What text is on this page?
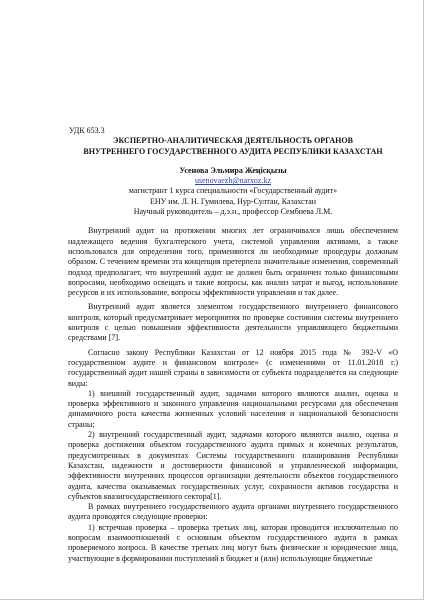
УДК 653.3
ЭКСПЕРТНО-АНАЛИТИЧЕСКАЯ ДЕЯТЕЛЬНОСТЬ ОРГАНОВ
ВНУТРЕННЕГО ГОСУДАРСТВЕННОГО АУДИТА РЕСПУБЛИКИ КАЗАХСТАН
Усенова Эльмира Жеңісқызы
usenovaezh@narxoz.kz
магистрант 1 курса специальности «Государственный аудит»
ЕНУ им. Л. Н. Гумилева, Нур-Султан, Казахстан
Научный руководитель – д.э.н., профессор Сембиева Л.М.

Внутренний аудит на протяжении многих лет ограничивался лишь обеспечением надлежащего ведения бухгалтерского учета, системой управления активами, а также использовался для определения того, применяются ли необходимые процедуры должным образом. С течением времени эта концепция претерпела значительные изменения, современный подход предполагает, что внутренний аудит не должен быть ограничен только финансовыми вопросами, необходимо освещать и такие вопросы, как анализ затрат и выгод, использование ресурсов и их использование, вопросы эффективности управления и так далее.

Внутренний аудит является элементом государственного внутреннего финансового контроля, который предусматривает мероприятия по проверке состояния системы внутреннего контроля с целью повышения эффективности деятельности управляющего бюджетными средствами [7].

Согласно закону Республики Казахстан от 12 ноября 2015 года № 392-V «О государственном аудите и финансовом контроле» (с изменениями от 11.01.2018 г.) государственный аудит нашей страны в зависимости от субъекта подразделяется на следующие виды:

1) внешний государственный аудит, задачами которого являются анализ, оценка и проверка эффективного и законного управления национальными ресурсами для обеспечения динамичного роста качества жизненных условий населения и национальной безопасности страны;

2) внутренний государственный аудит, задачами которого являются анализ, оценка и проверка достижения объектом государственного аудита прямых и конечных результатов, предусмотренных в документах Системы государственного планирования Республики Казахстан, надежности и достоверности финансовой и управленческой информации, эффективности внутренних процессов организации деятельности объектов государственного аудита, качества оказываемых государственных услуг, сохранности активов государства и субъектов квазигосударственного сектора[1].

В рамках внутреннего государственного аудита органами внутреннего государственного аудита проводятся следующие проверки:

1) встречная проверка – проверка третьих лиц, которая проводится исключительно по вопросам взаимоотношений с основным объектом государственного аудита в рамках проверяемого вопроса. В качестве третьих лиц могут быть физические и юридические лица, участвующие в формировании поступлений в бюджет и (или) использующие бюджетные
